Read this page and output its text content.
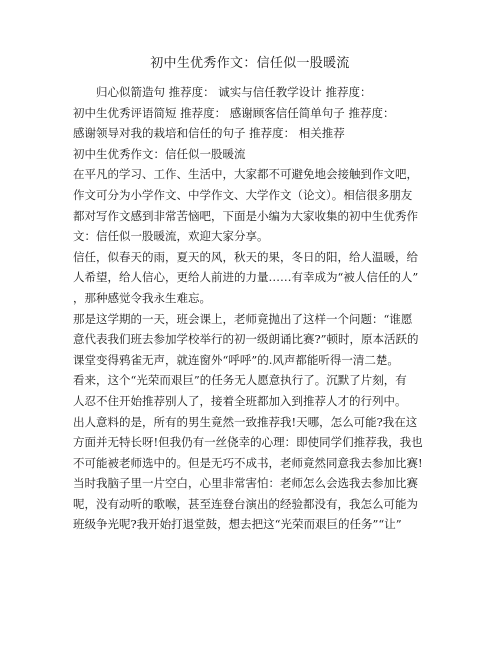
初中生优秀作文：信任似一股暖流
归心似箭造句 推荐度： 诚实与信任教学设计 推荐度：
初中生优秀评语简短 推荐度： 感谢顾客信任简单句子 推荐度：
感谢领导对我的栽培和信任的句子 推荐度： 相关推荐
初中生优秀作文：信任似一股暖流
在平凡的学习、工作、生活中，大家都不可避免地会接触到作文吧，
作文可分为小学作文、中学作文、大学作文（论文）。相信很多朋友
都对写作文感到非常苦恼吧，下面是小编为大家收集的初中生优秀作
文：信任似一股暖流，欢迎大家分享。
信任，似春天的雨，夏天的风，秋天的果，冬日的阳，给人温暖，给
人希望，给人信心，更给人前进的力量……有幸成为“被人信任的人”
，那种感觉令我永生难忘。
那是这学期的一天，班会课上，老师竟抛出了这样一个问题：“谁愿
意代表我们班去参加学校举行的初一级朗诵比赛?”顿时，原本活跃的
课堂变得鸦雀无声，就连窗外“呼呼”的.风声都能听得一清二楚。
看来，这个“光荣而艰巨”的任务无人愿意执行了。沉默了片刻，有
人忍不住开始推荐别人了，接着全班都加入到推荐人才的行列中。
出人意料的是，所有的男生竟然一致推荐我!天哪，怎么可能?我在这
方面并无特长呀!但我仍有一丝侥幸的心理：即使同学们推荐我，我也
不可能被老师选中的。但是无巧不成书，老师竟然同意我去参加比赛!
当时我脑子里一片空白，心里非常害怕：老师怎么会选我去参加比赛
呢，没有动听的歌喉，甚至连登台演出的经验都没有，我怎么可能为
班级争光呢?我开始打退堂鼓，想去把这“光荣而艰巨的任务”“让”
